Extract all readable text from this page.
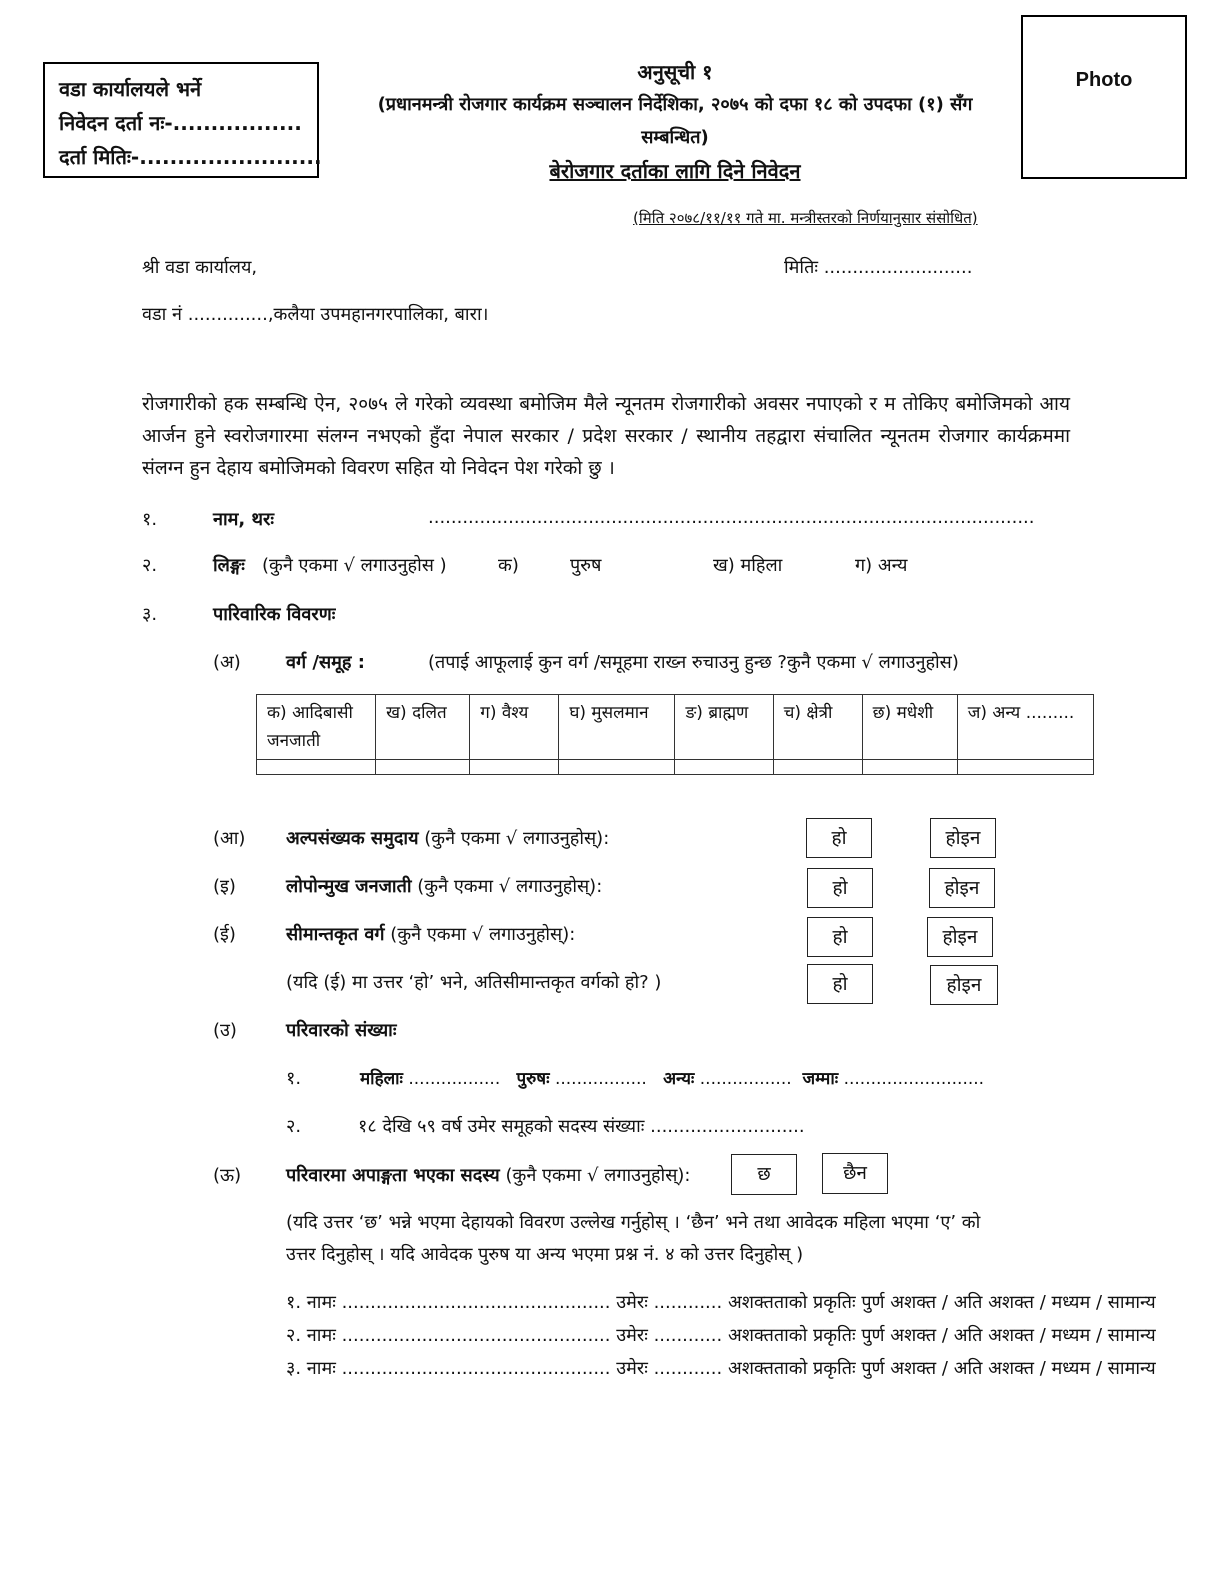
वडा कार्यालयले भर्ने
निवेदन दर्ता नः-.................
दर्ता मितिः-........................
Photo
अनुसूची १
(प्रधानमन्त्री रोजगार कार्यक्रम सञ्चालन निर्देशिका, २०७५ को दफा १८ को उपदफा (१) सँग
सम्बन्धित)
बेरोजगार दर्ताका लागि दिने निवेदन
(मिति २०७८/११/११ गते मा. मन्त्रीस्तरको निर्णयानुसार संसोधित)
श्री वडा कार्यालय,	मितिः ..........................
वडा नं ..............,कलैया उपमहानगरपालिका, बारा।
रोजगारीको हक सम्बन्धि ऐन, २०७५ ले गरेको व्यवस्था बमोजिम मैले न्यूनतम रोजगारीको अवसर नपाएको र म तोकिए बमोजिमको आय आर्जन हुने स्वरोजगारमा संलग्न नभएको हुँदा नेपाल सरकार / प्रदेश सरकार / स्थानीय तहद्वारा संचालित न्यूनतम रोजगार कार्यक्रममा संलग्न हुन देहाय बमोजिमको विवरण सहित यो निवेदन पेश गरेको छु ।
१.	नाम, थरः	..........................................................................................................
२.	लिङ्गः (कुनै एकमा √ लगाउनुहोस )	क)	पुरुष	ख) महिला	ग) अन्य
३.	पारिवारिक विवरणः
(अ)	वर्ग /समूह :	(तपाई आफूलाई कुन वर्ग /समूहमा राख्न रुचाउनु हुन्छ ?कुनै एकमा √ लगाउनुहोस)
क) आदिबासी जनजाती	ख) दलित	ग) वैश्य	घ) मुसलमान	ङ) ब्राह्मण	च) क्षेत्री	छ) मधेशी	ज) अन्य .........

(आ) अल्पसंख्यक समुदाय (कुनै एकमा √ लगाउनुहोस्):	हो	होइन
(इ)	लोपोन्मुख जनजाती (कुनै एकमा √ लगाउनुहोस्):	हो	होइन
(ई)	सीमान्तकृत वर्ग (कुनै एकमा √ लगाउनुहोस्):	हो	होइन
(यदि (ई) मा उत्तर ‘हो’ भने, अतिसीमान्तकृत वर्गको हो? )	हो	होइन
(उ)	परिवारको संख्याः
१.	महिलाः ................. पुरुषः ................. अन्यः ................. जम्माः ..........................
२.	१८ देखि ५९ वर्ष उमेर समूहको सदस्य संख्याः ...........................
(ऊ) परिवारमा अपाङ्गता भएका सदस्य (कुनै एकमा √ लगाउनुहोस्):	छ	छैन
(यदि उत्तर ‘छ’ भन्ने भएमा देहायको विवरण उल्लेख गर्नुहोस् । ‘छैन’ भने तथा आवेदक महिला भएमा ‘ए’ को
उत्तर दिनुहोस् । यदि आवेदक पुरुष या अन्य भएमा प्रश्न नं. ४ को उत्तर दिनुहोस् )
१. नामः ............................................... उमेरः ............ अशक्तताको प्रकृतिः पुर्ण अशक्त / अति अशक्त / मध्यम / सामान्य
२. नामः ............................................... उमेरः ............ अशक्तताको प्रकृतिः पुर्ण अशक्त / अति अशक्त / मध्यम / सामान्य
३. नामः ............................................... उमेरः ............ अशक्तताको प्रकृतिः पुर्ण अशक्त / अति अशक्त / मध्यम / सामान्य
